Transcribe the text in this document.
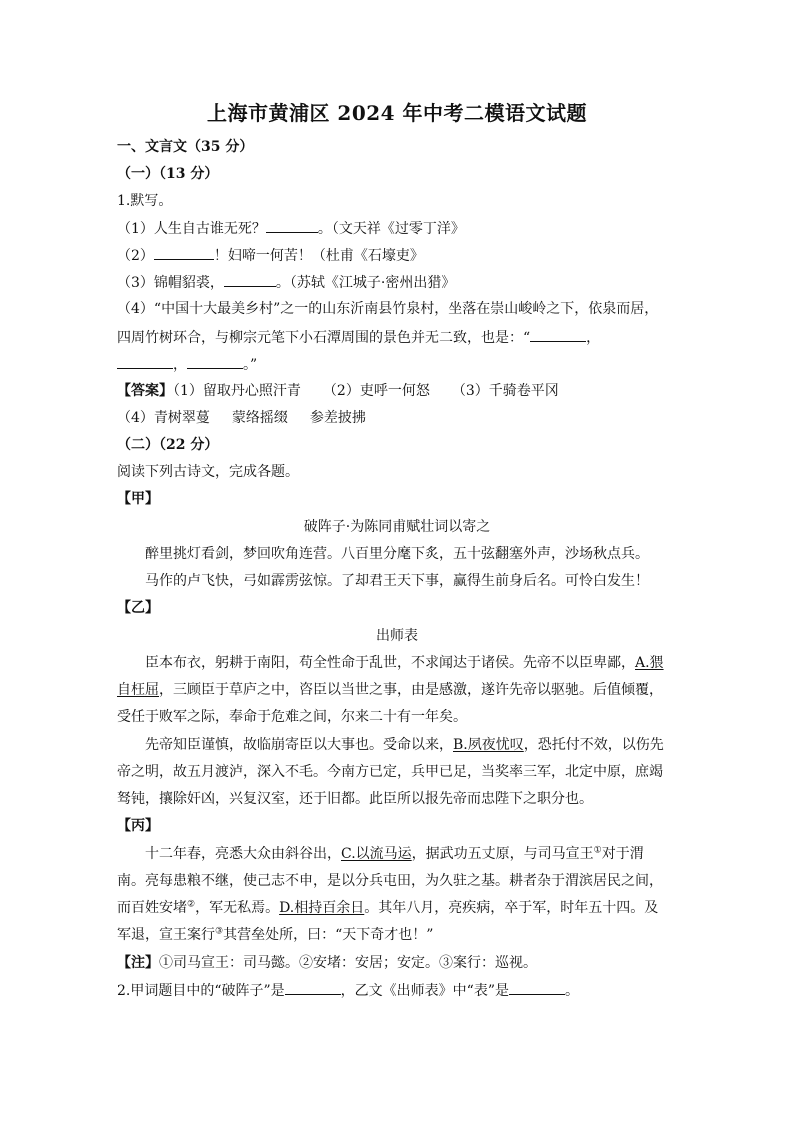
上海市黄浦区 2024 年中考二模语文试题
一、文言文（35 分）
（一）（13 分）
1.默写。
（1）人生自古谁无死？	。（文天祥《过零丁洋》
（2）	！妇啼一何苦！（杜甫《石壕吏》
（3）锦帽貂裘，	。（苏轼《江城子·密州出猎》
（4）“中国十大最美乡村”之一的山东沂南县竹泉村，坐落在崇山峻岭之下，依泉而居，
四周竹树环合，与柳宗元笔下小石潭周围的景色并无二致，也是：“	，
，	。”
【答案】（1）留取丹心照汗青 （2）吏呼一何怒 （3）千骑卷平冈
（4）青树翠蔓 蒙络摇缀 参差披拂
（二）（22 分）
阅读下列古诗文，完成各题。
【甲】
破阵子·为陈同甫赋壮词以寄之
醉里挑灯看剑，梦回吹角连营。八百里分麾下炙，五十弦翻塞外声，沙场秋点兵。
马作的卢飞快，弓如霹雳弦惊。了却君王天下事，赢得生前身后名。可怜白发生！
【乙】
出师表
臣本布衣，躬耕于南阳，苟全性命于乱世，不求闻达于诸侯。先帝不以臣卑鄙，A.猥
自枉屈，三顾臣于草庐之中，咨臣以当世之事，由是感激，遂许先帝以驱驰。后值倾覆，
受任于败军之际，奉命于危难之间，尔来二十有一年矣。
先帝知臣谨慎，故临崩寄臣以大事也。受命以来，B.夙夜忧叹，恐托付不效，以伤先
帝之明，故五月渡泸，深入不毛。今南方已定，兵甲已足，当奖率三军，北定中原，庶竭
驽钝，攘除奸凶，兴复汉室，还于旧都。此臣所以报先帝而忠陛下之职分也。
【丙】
十二年春，亮悉大众由斜谷出，C.以流马运，据武功五丈原，与司马宣王①对于渭
南。亮每患粮不继，使己志不申，是以分兵屯田，为久驻之基。耕者杂于渭滨居民之间，
而百姓安堵②，军无私焉。D.相持百余日。其年八月，亮疾病，卒于军，时年五十四。及
军退，宣王案行③其营垒处所，曰：“天下奇才也！”
【注】①司马宣王：司马懿。②安堵：安居；安定。③案行：巡视。
2.甲词题目中的“破阵子”是	，乙文《出师表》中“表”是	。
